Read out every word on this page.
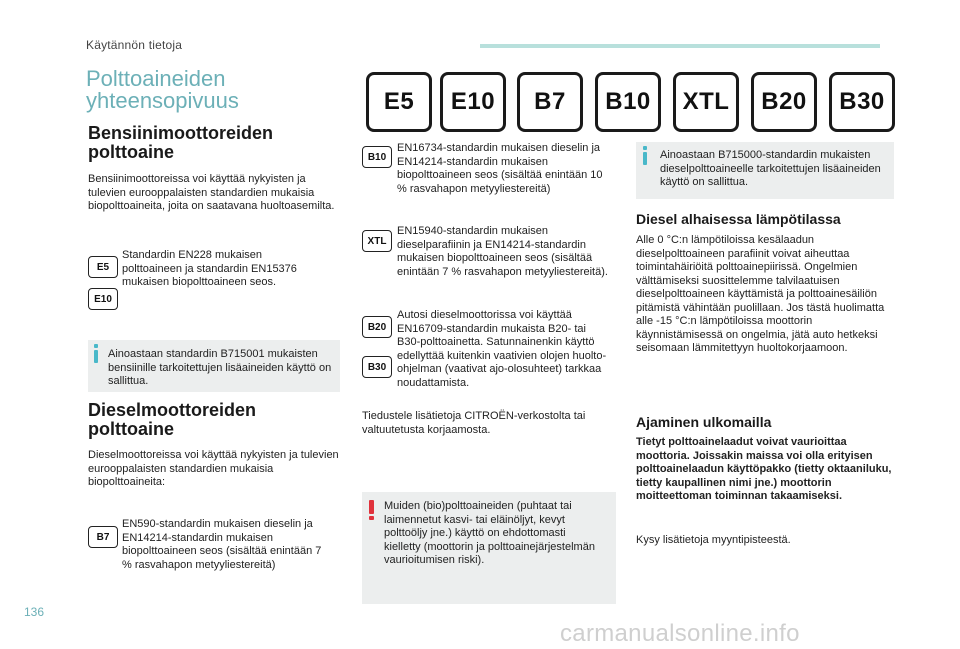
Käytännön tietoja
Polttoaineiden yhteensopivuus	E5	E10	B7	B10	XTL	B20	B30
Bensiinimoottoreiden polttoaine
Bensiinimoottoreissa voi käyttää nykyisten ja tulevien eurooppalaisten standardien mukaisia biopolttoaineita, joita on saatavana huoltoasemilta.
E5
E10
Standardin EN228 mukaisen polttoaineen ja standardin EN15376 mukaisen biopolttoaineen seos.
Ainoastaan standardin B715001 mukaisten bensiinille tarkoitettujen lisäaineiden käyttö on sallittua.
Dieselmoottoreiden polttoaine
Dieselmoottoreissa voi käyttää nykyisten ja tulevien eurooppalaisten standardien mukaisia biopolttoaineita:
B7
EN590-standardin mukaisen dieselin ja EN14214-standardin mukaisen biopolttoaineen seos (sisältää enintään 7 % rasvahapon metyyliestereitä)
B10
EN16734-standardin mukaisen dieselin ja EN14214-standardin mukaisen biopolttoaineen seos (sisältää enintään 10 % rasvahapon metyyliestereitä)
XTL
EN15940-standardin mukaisen dieselparafiinin ja EN14214-standardin mukaisen biopolttoaineen seos (sisältää enintään 7 % rasvahapon metyyliestereitä).
B20
B30
Autosi dieselmoottorissa voi käyttää EN16709-standardin mukaista B20- tai B30-polttoainetta. Satunnainenkin käyttö edellyttää kuitenkin vaativien olojen huolto-ohjelman (vaativat ajo-olosuhteet) tarkkaa noudattamista.
Tiedustele lisätietoja CITROËN-verkostolta tai valtuutetusta korjaamosta.
Muiden (bio)polttoaineiden (puhtaat tai laimennetut kasvi- tai eläinöljyt, kevyt polttoöljy jne.) käyttö on ehdottomasti kielletty (moottorin ja polttoainejärjestelmän vaurioitumisen riski).
Ainoastaan B715000-standardin mukaisten dieselpolttoaineelle tarkoitettujen lisäaineiden käyttö on sallittua.
Diesel alhaisessa lämpötilassa
Alle 0 °C:n lämpötiloissa kesälaadun dieselpolttoaineen parafiinit voivat aiheuttaa toimintahäiriöitä polttoainepiirissä. Ongelmien välttämiseksi suosittelemme talvilaatuisen dieselpolttoaineen käyttämistä ja polttoainesäiliön pitämistä vähintään puolillaan. Jos tästä huolimatta alle -15 °C:n lämpötiloissa moottorin käynnistämisessä on ongelmia, jätä auto hetkeksi seisomaan lämmitettyyn huoltokorjaamoon.
Ajaminen ulkomailla
Tietyt polttoainelaadut voivat vaurioittaa moottoria. Joissakin maissa voi olla erityisen polttoainelaadun käyttöpakko (tietty oktaaniluku, tietty kaupallinen nimi jne.) moottorin moitteettoman toiminnan takaamiseksi.
Kysy lisätietoja myyntipisteestä.
136
carmanualsonline.info
